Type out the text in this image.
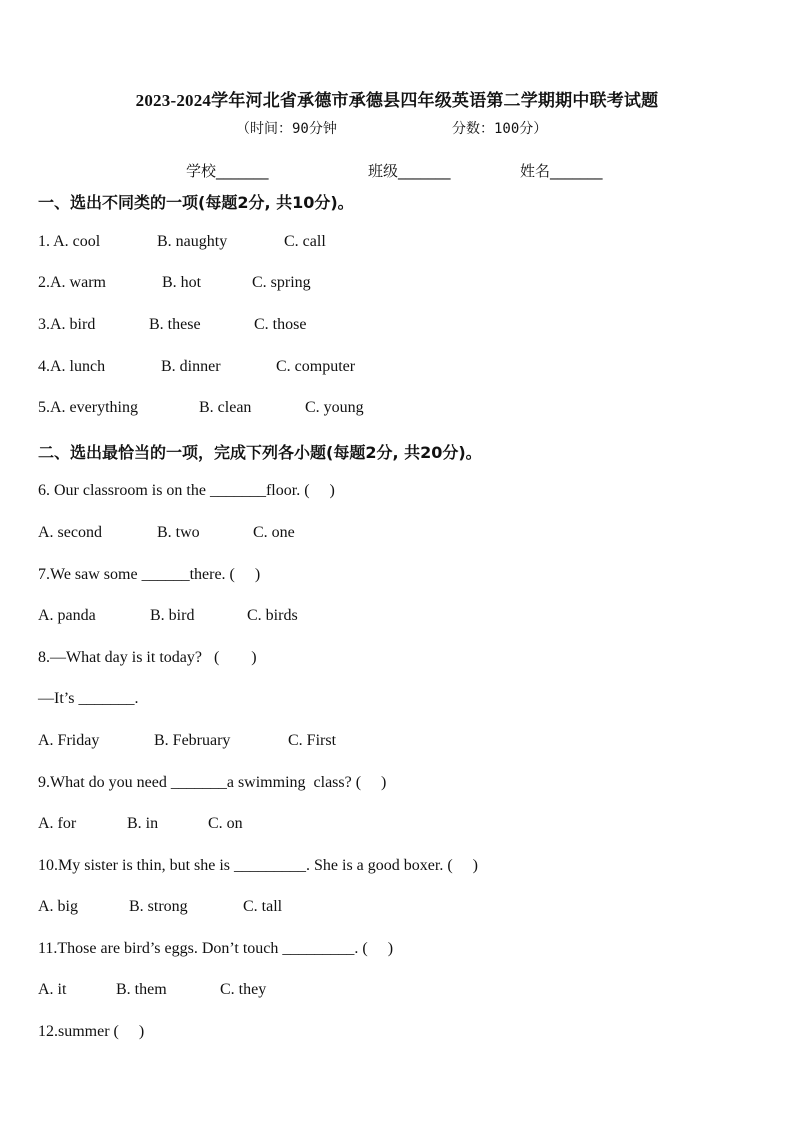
2023-2024学年河北省承德市承德县四年级英语第二学期期中联考试题
（时间：90分钟	分数：100分）
学校_______	班级_______	姓名_______
一、选出不同类的一项(每题2分, 共10分)。
1. A. cool	B. naughty	C. call
2.A. warm	B. hot	C. spring
3.A. bird	B. these	C. those
4.A. lunch	B. dinner	C. computer
5.A. everything	B. clean	C. young
二、选出最恰当的一项，完成下列各小题(每题2分, 共20分)。
6. Our classroom is on the _______floor. (     )
A. second	B. two	C. one
7.We saw some ______there. (     )
A. panda	B. bird	C. birds
8.—What day is it today?   (        )
—It’s _______.
A. Friday	B. February	C. First
9.What do you need _______a swimming  class? (     )
A. for	B. in	C. on
10.My sister is thin, but she is _________. She is a good boxer. (     )
A. big	B. strong	C. tall
11.Those are bird’s eggs. Don’t touch _________. (     )
A. it	B. them	C. they
12.summer (     )
